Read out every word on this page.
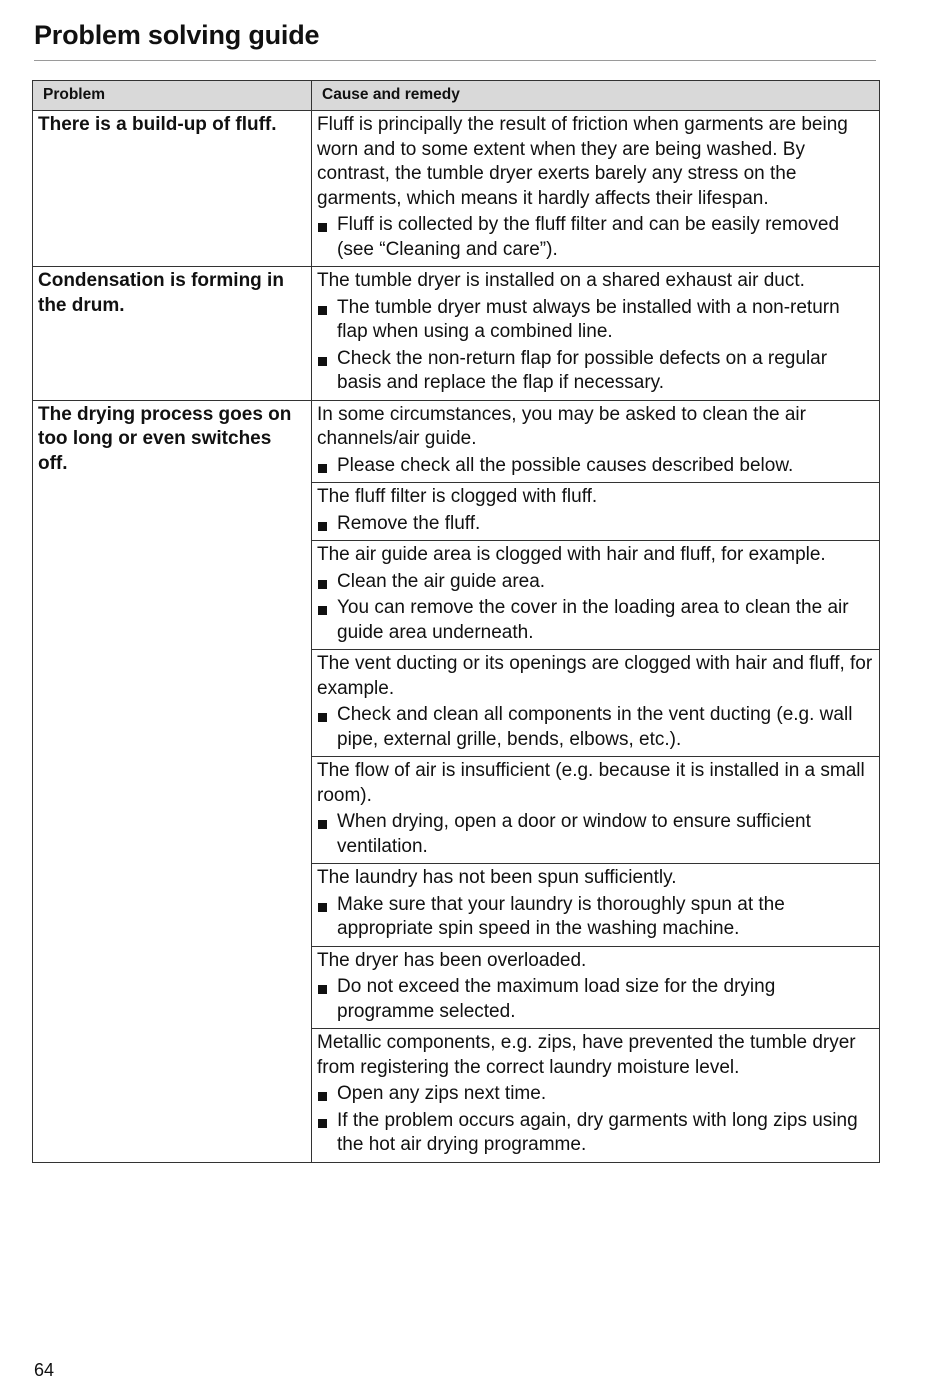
Problem solving guide
Problem	Cause and remedy
There is a build-up of fluff.	Fluff is principally the result of friction when garments are being worn and to some extent when they are being washed. By contrast, the tumble dryer exerts barely any stress on the garments, which means it hardly affects their lifespan.

Fluff is collected by the fluff filter and can be easily removed (see “Cleaning and care”).

Condensation is forming in the drum.	The tumble dryer is installed on a shared exhaust air duct.

The tumble dryer must always be installed with a non-return flap when using a combined line.
Check the non-return flap for possible defects on a regular basis and replace the flap if necessary.

The drying process goes on too long or even switches off.	In some circumstances, you may be asked to clean the air channels/air guide.

Please check all the possible causes described below.

	The fluff filter is clogged with fluff.

Remove the fluff.

	The air guide area is clogged with hair and fluff, for example.

Clean the air guide area.
You can remove the cover in the loading area to clean the air guide area underneath.

	The vent ducting or its openings are clogged with hair and fluff, for example.

Check and clean all components in the vent ducting (e.g. wall pipe, external grille, bends, elbows, etc.).

	The flow of air is insufficient (e.g. because it is installed in a small room).

When drying, open a door or window to ensure sufficient ventilation.

	The laundry has not been spun sufficiently.

Make sure that your laundry is thoroughly spun at the appropriate spin speed in the washing machine.

	The dryer has been overloaded.

Do not exceed the maximum load size for the drying programme selected.

	Metallic components, e.g. zips, have prevented the tumble dryer from registering the correct laundry moisture level.

Open any zips next time.
If the problem occurs again, dry garments with long zips using the hot air drying programme.
64
